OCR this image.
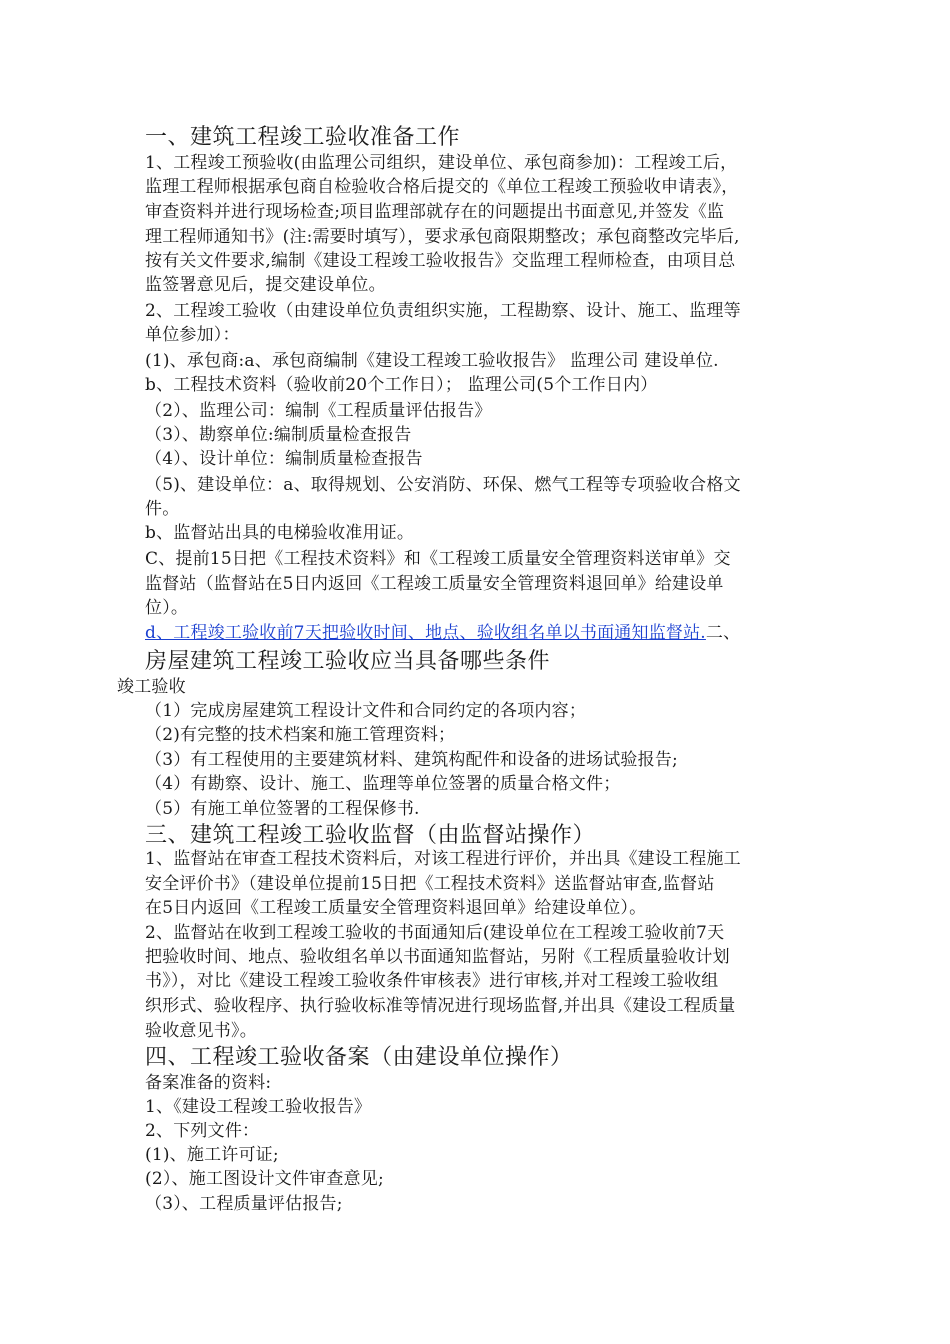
一、建筑工程竣工验收准备工作
1、工程竣工预验收(由监理公司组织，建设单位、承包商参加)：工程竣工后，
监理工程师根据承包商自检验收合格后提交的《单位工程竣工预验收申请表》，
审查资料并进行现场检查;项目监理部就存在的问题提出书面意见,并签发《监
理工程师通知书》(注:需要时填写），要求承包商限期整改；承包商整改完毕后,
按有关文件要求,编制《建设工程竣工验收报告》交监理工程师检查，由项目总
监签署意见后，提交建设单位。
2、工程竣工验收（由建设单位负责组织实施，工程勘察、设计、施工、监理等
单位参加）：
(1)、承包商:a、承包商编制《建设工程竣工验收报告》 监理公司 建设单位.
b、工程技术资料（验收前20个工作日）； 监理公司(5个工作日内）
（2）、监理公司：编制《工程质量评估报告》
（3）、勘察单位:编制质量检查报告
（4）、设计单位：编制质量检查报告
（5)、建设单位：a、取得规划、公安消防、环保、燃气工程等专项验收合格文
件。
b、监督站出具的电梯验收准用证。
C、提前15日把《工程技术资料》和《工程竣工质量安全管理资料送审单》交
监督站（监督站在5日内返回《工程竣工质量安全管理资料退回单》给建设单
位）。
d、工程竣工验收前7天把验收时间、地点、验收组名单以书面通知监督站.二、
房屋建筑工程竣工验收应当具备哪些条件
竣工验收
（1）完成房屋建筑工程设计文件和合同约定的各项内容；
（2)有完整的技术档案和施工管理资料；
（3）有工程使用的主要建筑材料、建筑构配件和设备的进场试验报告;
（4）有勘察、设计、施工、监理等单位签署的质量合格文件；
（5）有施工单位签署的工程保修书.
三、建筑工程竣工验收监督（由监督站操作）
1、监督站在审查工程技术资料后，对该工程进行评价，并出具《建设工程施工
安全评价书》（建设单位提前15日把《工程技术资料》送监督站审查,监督站
在5日内返回《工程竣工质量安全管理资料退回单》给建设单位）。
2、监督站在收到工程竣工验收的书面通知后(建设单位在工程竣工验收前7天
把验收时间、地点、验收组名单以书面通知监督站，另附《工程质量验收计划
书》），对比《建设工程竣工验收条件审核表》进行审核,并对工程竣工验收组
织形式、验收程序、执行验收标准等情况进行现场监督,并出具《建设工程质量
验收意见书》。
四、工程竣工验收备案（由建设单位操作）
备案准备的资料:
1、《建设工程竣工验收报告》
2、下列文件：
(1)、施工许可证;
(2）、施工图设计文件审查意见;
（3）、工程质量评估报告;
